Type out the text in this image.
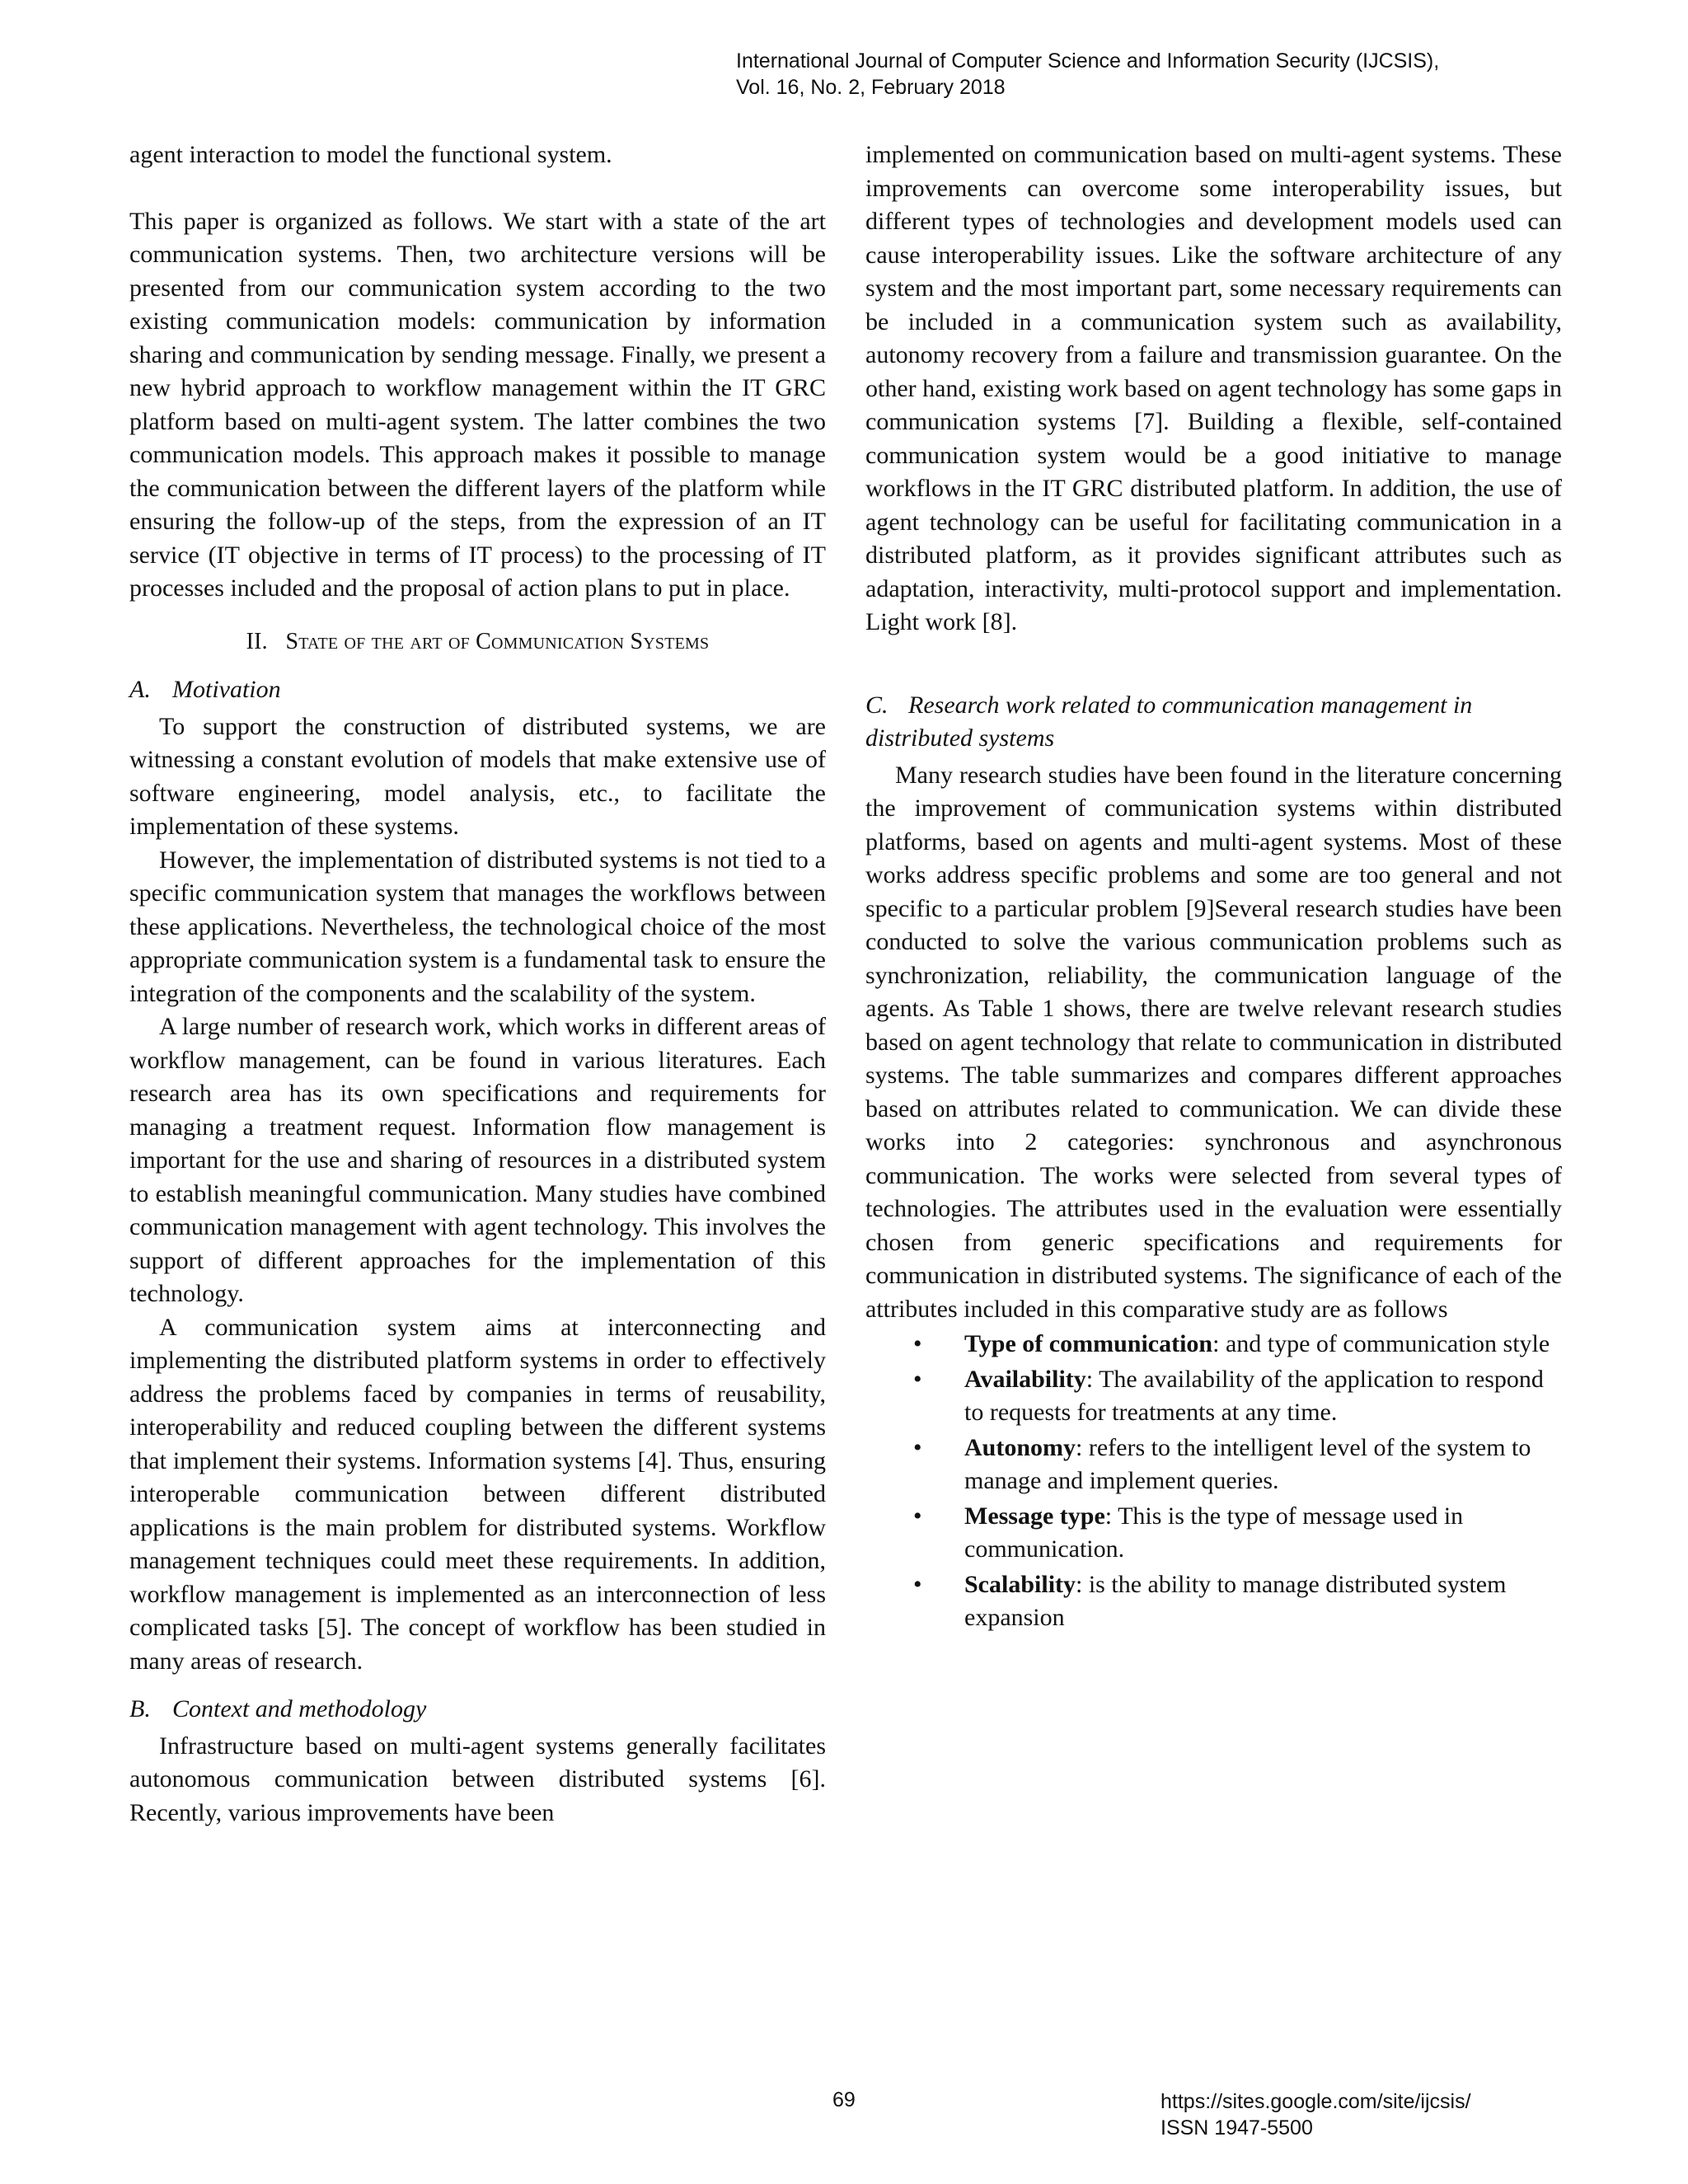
International Journal of Computer Science and Information Security (IJCSIS),
Vol. 16, No. 2, February 2018

agent interaction to model the functional system.

This paper is organized as follows. We start with a state of the art communication systems. Then, two architecture versions will be presented from our communication system according to the two existing communication models: communication by information sharing and communication by sending message. Finally, we present a new hybrid approach to workflow management within the IT GRC platform based on multi-agent system. The latter combines the two communication models. This approach makes it possible to manage the communication between the different layers of the platform while ensuring the follow-up of the steps, from the expression of an IT service (IT objective in terms of IT process) to the processing of IT processes included and the proposal of action plans to put in place.

II. State of the art of Communication Systems
A. Motivation

To support the construction of distributed systems, we are witnessing a constant evolution of models that make extensive use of software engineering, model analysis, etc., to facilitate the implementation of these systems.

However, the implementation of distributed systems is not tied to a specific communication system that manages the workflows between these applications. Nevertheless, the technological choice of the most appropriate communication system is a fundamental task to ensure the integration of the components and the scalability of the system.

A large number of research work, which works in different areas of workflow management, can be found in various literatures. Each research area has its own specifications and requirements for managing a treatment request. Information flow management is important for the use and sharing of resources in a distributed system to establish meaningful communication. Many studies have combined communication management with agent technology. This involves the support of different approaches for the implementation of this technology.

A communication system aims at interconnecting and implementing the distributed platform systems in order to effectively address the problems faced by companies in terms of reusability, interoperability and reduced coupling between the different systems that implement their systems. Information systems [4]. Thus, ensuring interoperable communication between different distributed applications is the main problem for distributed systems. Workflow management techniques could meet these requirements. In addition, workflow management is implemented as an interconnection of less complicated tasks [5]. The concept of workflow has been studied in many areas of research.

B. Context and methodology

Infrastructure based on multi-agent systems generally facilitates autonomous communication between distributed systems [6]. Recently, various improvements have been

implemented on communication based on multi-agent systems. These improvements can overcome some interoperability issues, but different types of technologies and development models used can cause interoperability issues. Like the software architecture of any system and the most important part, some necessary requirements can be included in a communication system such as availability, autonomy recovery from a failure and transmission guarantee. On the other hand, existing work based on agent technology has some gaps in communication systems [7]. Building a flexible, self-contained communication system would be a good initiative to manage workflows in the IT GRC distributed platform. In addition, the use of agent technology can be useful for facilitating communication in a distributed platform, as it provides significant attributes such as adaptation, interactivity, multi-protocol support and implementation. Light work [8].

C. Research work related to communication management in distributed systems

Many research studies have been found in the literature concerning the improvement of communication systems within distributed platforms, based on agents and multi-agent systems. Most of these works address specific problems and some are too general and not specific to a particular problem [9]Several research studies have been conducted to solve the various communication problems such as synchronization, reliability, the communication language of the agents. As Table 1 shows, there are twelve relevant research studies based on agent technology that relate to communication in distributed systems. The table summarizes and compares different approaches based on attributes related to communication. We can divide these works into 2 categories: synchronous and asynchronous communication. The works were selected from several types of technologies. The attributes used in the evaluation were essentially chosen from generic specifications and requirements for communication in distributed systems. The significance of each of the attributes included in this comparative study are as follows

• Type of communication: and type of communication style
• Availability: The availability of the application to respond to requests for treatments at any time.
• Autonomy: refers to the intelligent level of the system to manage and implement queries.
• Message type: This is the type of message used in communication.
• Scalability: is the ability to manage distributed system expansion
69	https://sites.google.com/site/ijcsis/
ISSN 1947-5500
